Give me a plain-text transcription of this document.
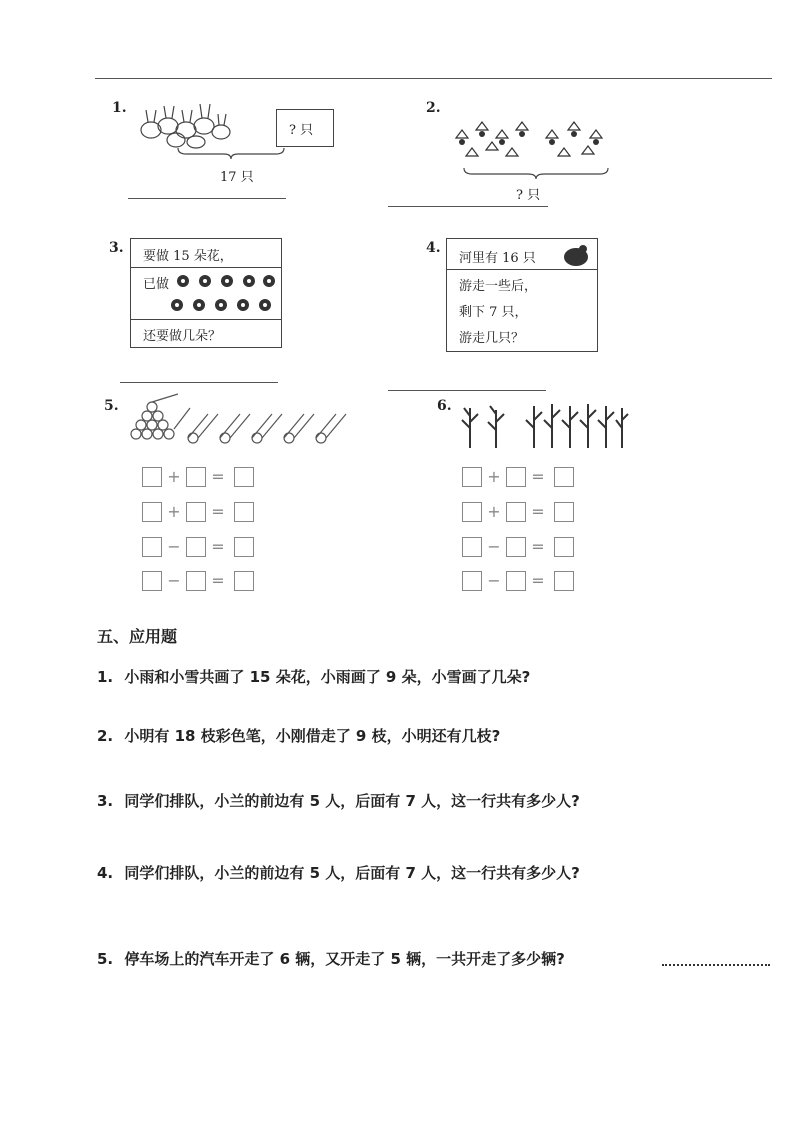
1.
? 只
17 只
2.
? 只
3.
要做 15 朵花，
已做
还要做几朵？
4.
河里有 16 只
游走一些后，
剩下 7 只，
游走几只？
5.	6.
+ =
+ =
− =
− =
+ =
+ =
− =
− =
五、应用题
1. 小雨和小雪共画了 15 朵花，小雨画了 9 朵，小雪画了几朵?
2. 小明有 18 枝彩色笔，小刚借走了 9 枝，小明还有几枝?
3. 同学们排队，小兰的前边有 5 人，后面有 7 人，这一行共有多少人?
4. 同学们排队，小兰的前边有 5 人，后面有 7 人，这一行共有多少人?
5. 停车场上的汽车开走了 6 辆，又开走了 5 辆，一共开走了多少辆?
